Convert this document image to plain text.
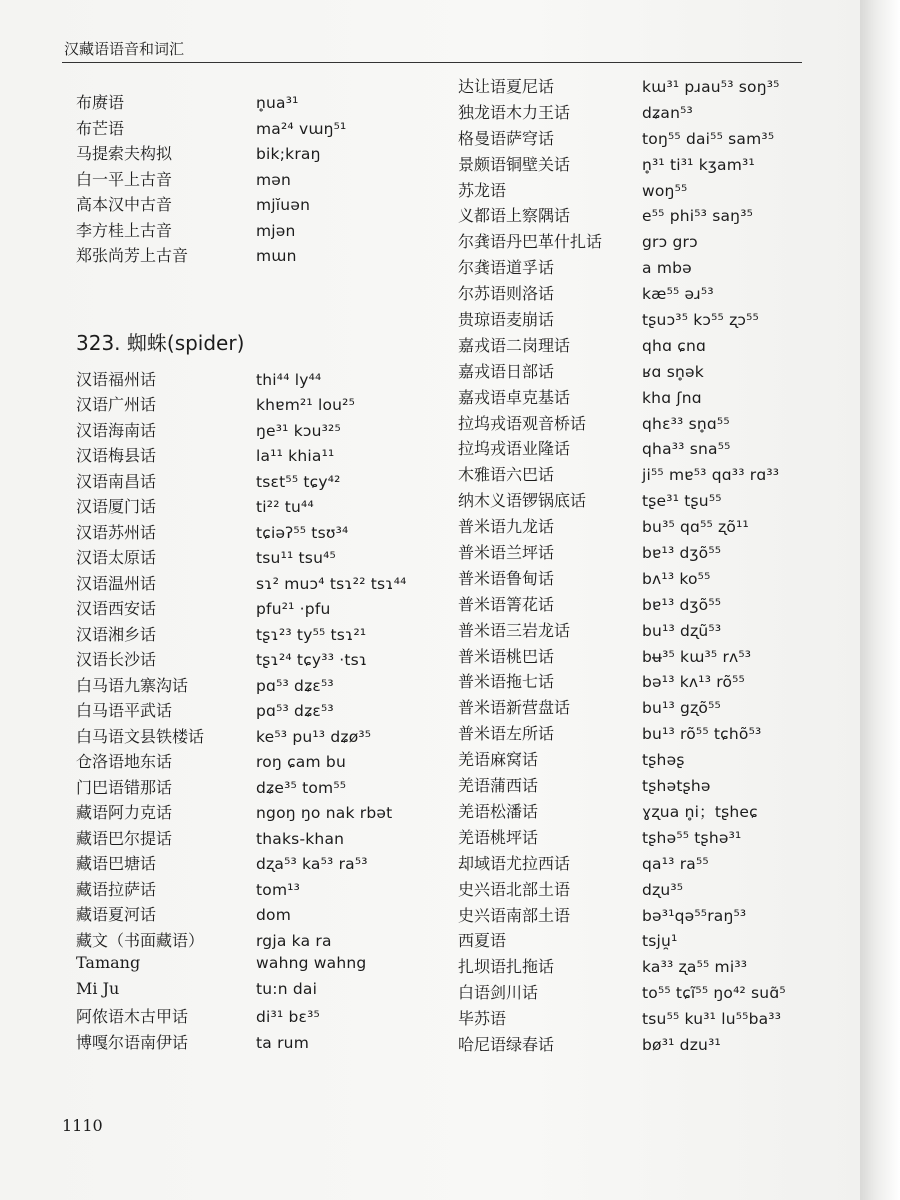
汉藏语语音和词汇
布赓语	n̥ua³¹
布芒语	ma²⁴ vɯŋ⁵¹
马提索夫构拟	bik;kraŋ
白一平上古音	mən
高本汉中古音	mjĭuən
李方桂上古音	mjən
郑张尚芳上古音	mɯn
323. 蜘蛛(spider)
汉语福州话	thi⁴⁴ ly⁴⁴
汉语广州话	khɐm²¹ lou²⁵
汉语海南话	ŋe³¹ kɔu³²⁵
汉语梅县话	la¹¹ khia¹¹
汉语南昌话	tsɛt⁵⁵ tɕy⁴²
汉语厦门话	ti²² tu⁴⁴
汉语苏州话	tɕiəʔ⁵⁵ tsʊ³⁴
汉语太原话	tsu¹¹ tsu⁴⁵
汉语温州话	sɿ² muɔ⁴ tsɿ²² tsɿ⁴⁴
汉语西安话	pfu²¹ ·pfu
汉语湘乡话	tʂɿ²³ ty⁵⁵ tsɿ²¹
汉语长沙话	tʂɿ²⁴ tɕy³³ ·tsɿ
白马语九寨沟话	pɑ⁵³ dʑɛ⁵³
白马语平武话	pɑ⁵³ dʑɛ⁵³
白马语文县铁楼话	ke⁵³ pu¹³ dʑø³⁵
仓洛语地东话	roŋ ɕam bu
门巴语错那话	dʑe³⁵ tom⁵⁵
藏语阿力克话	ngoŋ ŋo nak rbət
藏语巴尔提话	thaks-khan
藏语巴塘话	dʐa⁵³ ka⁵³ ra⁵³
藏语拉萨话	tom¹³
藏语夏河话	dom
藏文（书面藏语）	rgja ka ra
Tamang	wahng wahng
Mi Ju	tu:n dai
阿侬语木古甲话	di³¹ bɛ³⁵
博嘎尔语南伊话	ta rum
达让语夏尼话	kɯ³¹ pɹau⁵³ soŋ³⁵
独龙语木力王话	dʑan⁵³
格曼语萨穹话	toŋ⁵⁵ dai⁵⁵ sam³⁵
景颇语铜壁关话	n̥³¹ ti³¹ kʒam³¹
苏龙语	woŋ⁵⁵
义都语上察隅话	e⁵⁵ phi⁵³ saŋ³⁵
尔龚语丹巴革什扎话	grɔ grɔ
尔龚语道孚话	a mbə
尔苏语则洛话	kæ⁵⁵ əɹ⁵³
贵琼语麦崩话	tʂuɔ³⁵ kɔ⁵⁵ ʐɔ⁵⁵
嘉戎语二岗理话	qhɑ ɕnɑ
嘉戎语日部话	ʁɑ sn̥ək
嘉戎语卓克基话	khɑ ʃnɑ
拉坞戎语观音桥话	qhɛ³³ sn̥ɑ⁵⁵
拉坞戎语业隆话	qha³³ sna⁵⁵
木雅语六巴话	ji⁵⁵ mɐ⁵³ qɑ³³ rɑ³³
纳木义语锣锅底话	tʂe³¹ tʂu⁵⁵
普米语九龙话	bu³⁵ qɑ⁵⁵ ʐõ¹¹
普米语兰坪话	bɐ¹³ dʒõ⁵⁵
普米语鲁甸话	bʌ¹³ ko⁵⁵
普米语箐花话	bɐ¹³ dʒõ⁵⁵
普米语三岩龙话	bu¹³ dʐũ⁵³
普米语桃巴话	bʉ³⁵ kɯ³⁵ rʌ⁵³
普米语拖七话	bə¹³ kʌ¹³ rõ⁵⁵
普米语新营盘话	bu¹³ gʐõ⁵⁵
普米语左所话	bu¹³ rõ⁵⁵ tɕhõ⁵³
羌语麻窝话	tʂhəʂ
羌语蒲西话	tʂhətʂhə
羌语松潘话	ɣʐua n̥i；tʂheɕ
羌语桃坪话	tʂhə⁵⁵ tʂhə³¹
却域语尤拉西话	qa¹³ ra⁵⁵
史兴语北部土语	dʐu³⁵
史兴语南部土语	bə³¹qə⁵⁵raŋ⁵³
西夏语	tsju̯¹
扎坝语扎拖话	ka³³ ʐa⁵⁵ mi³³
白语剑川话	to⁵⁵ tɕĩ⁵⁵ ŋo⁴² suɑ̃⁵
毕苏语	tsu⁵⁵ ku³¹ lu⁵⁵ba³³
哈尼语绿春话	bø³¹ dzu³¹
1110
